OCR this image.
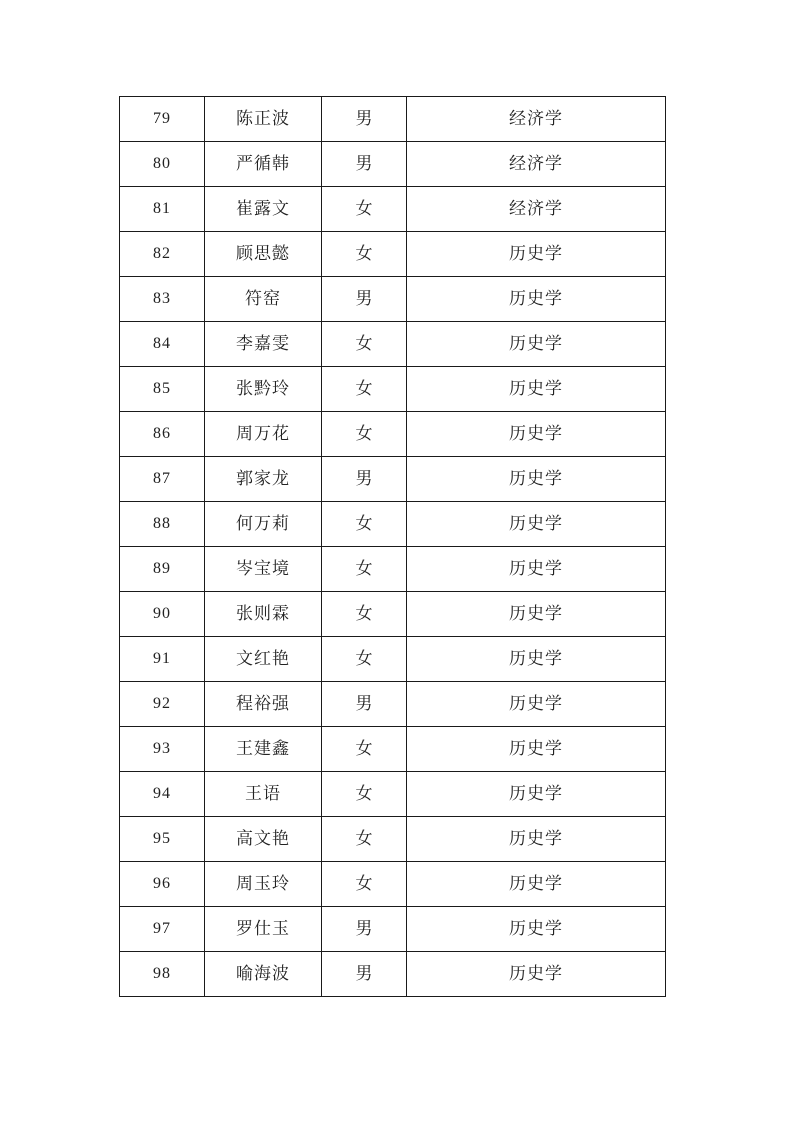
79	陈正波	男	经济学
80	严循韩	男	经济学
81	崔露文	女	经济学
82	顾思懿	女	历史学
83	符窑	男	历史学
84	李嘉雯	女	历史学
85	张黔玲	女	历史学
86	周万花	女	历史学
87	郭家龙	男	历史学
88	何万莉	女	历史学
89	岑宝境	女	历史学
90	张则霖	女	历史学
91	文红艳	女	历史学
92	程裕强	男	历史学
93	王建鑫	女	历史学
94	王语	女	历史学
95	高文艳	女	历史学
96	周玉玲	女	历史学
97	罗仕玉	男	历史学
98	喻海波	男	历史学
